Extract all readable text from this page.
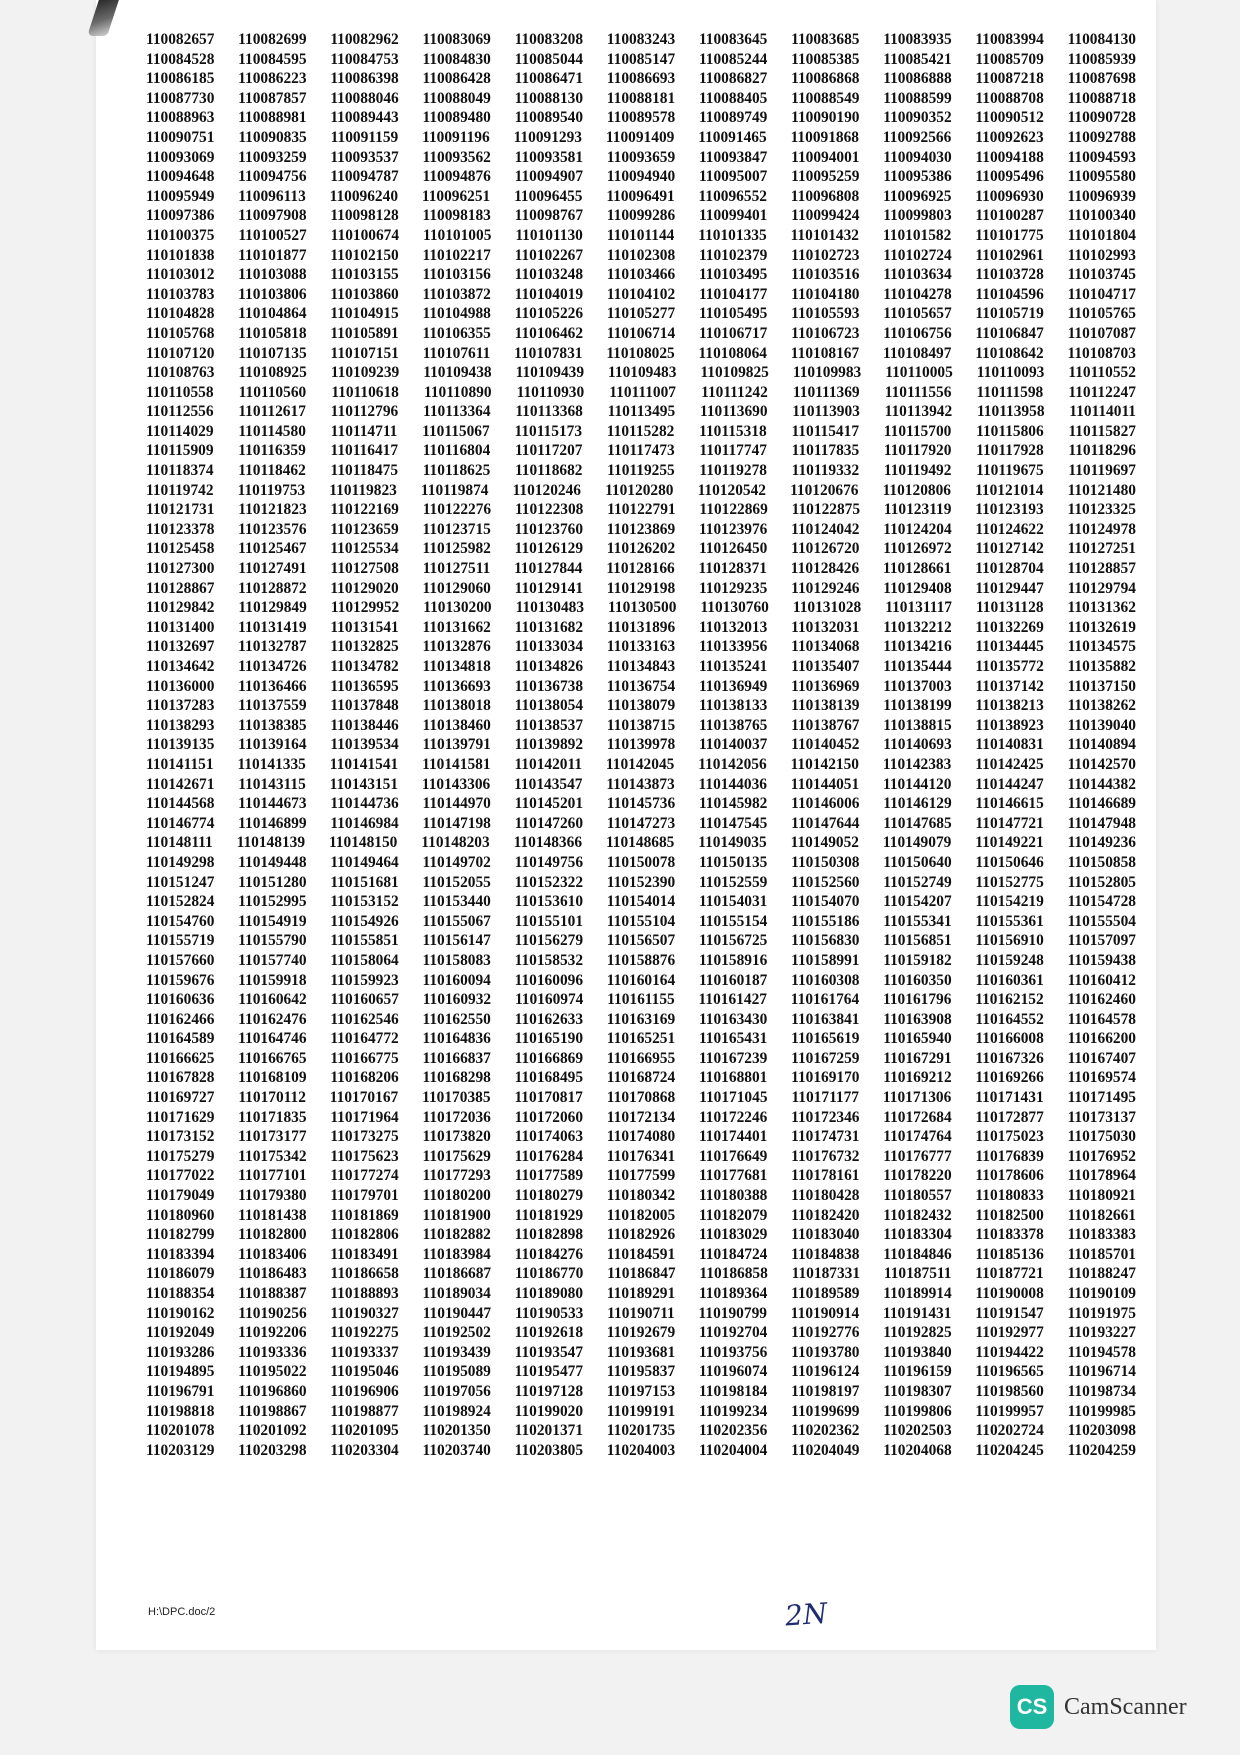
110082657 110082699 110082962 110083069 110083208 110083243 110083645 110083685 110083935 110083994 110084130
110084528 110084595 110084753 110084830 110085044 110085147 110085244 110085385 110085421 110085709 110085939
110086185 110086223 110086398 110086428 110086471 110086693 110086827 110086868 110086888 110087218 110087698
110087730 110087857 110088046 110088049 110088130 110088181 110088405 110088549 110088599 110088708 110088718
110088963 110088981 110089443 110089480 110089540 110089578 110089749 110090190 110090352 110090512 110090728
110090751 110090835 110091159 110091196 110091293 110091409 110091465 110091868 110092566 110092623 110092788
110093069 110093259 110093537 110093562 110093581 110093659 110093847 110094001 110094030 110094188 110094593
110094648 110094756 110094787 110094876 110094907 110094940 110095007 110095259 110095386 110095496 110095580
110095949 110096113 110096240 110096251 110096455 110096491 110096552 110096808 110096925 110096930 110096939
110097386 110097908 110098128 110098183 110098767 110099286 110099401 110099424 110099803 110100287 110100340
110100375 110100527 110100674 110101005 110101130 110101144 110101335 110101432 110101582 110101775 110101804
110101838 110101877 110102150 110102217 110102267 110102308 110102379 110102723 110102724 110102961 110102993
110103012 110103088 110103155 110103156 110103248 110103466 110103495 110103516 110103634 110103728 110103745
110103783 110103806 110103860 110103872 110104019 110104102 110104177 110104180 110104278 110104596 110104717
110104828 110104864 110104915 110104988 110105226 110105277 110105495 110105593 110105657 110105719 110105765
110105768 110105818 110105891 110106355 110106462 110106714 110106717 110106723 110106756 110106847 110107087
110107120 110107135 110107151 110107611 110107831 110108025 110108064 110108167 110108497 110108642 110108703
110108763 110108925 110109239 110109438 110109439 110109483 110109825 110109983 110110005 110110093 110110552
110110558 110110560 110110618 110110890 110110930 110111007 110111242 110111369 110111556 110111598 110112247
110112556 110112617 110112796 110113364 110113368 110113495 110113690 110113903 110113942 110113958 110114011
110114029 110114580 110114711 110115067 110115173 110115282 110115318 110115417 110115700 110115806 110115827
110115909 110116359 110116417 110116804 110117207 110117473 110117747 110117835 110117920 110117928 110118296
110118374 110118462 110118475 110118625 110118682 110119255 110119278 110119332 110119492 110119675 110119697
110119742 110119753 110119823 110119874 110120246 110120280 110120542 110120676 110120806 110121014 110121480
110121731 110121823 110122169 110122276 110122308 110122791 110122869 110122875 110123119 110123193 110123325
110123378 110123576 110123659 110123715 110123760 110123869 110123976 110124042 110124204 110124622 110124978
110125458 110125467 110125534 110125982 110126129 110126202 110126450 110126720 110126972 110127142 110127251
110127300 110127491 110127508 110127511 110127844 110128166 110128371 110128426 110128661 110128704 110128857
110128867 110128872 110129020 110129060 110129141 110129198 110129235 110129246 110129408 110129447 110129794
110129842 110129849 110129952 110130200 110130483 110130500 110130760 110131028 110131117 110131128 110131362
110131400 110131419 110131541 110131662 110131682 110131896 110132013 110132031 110132212 110132269 110132619
110132697 110132787 110132825 110132876 110133034 110133163 110133956 110134068 110134216 110134445 110134575
110134642 110134726 110134782 110134818 110134826 110134843 110135241 110135407 110135444 110135772 110135882
110136000 110136466 110136595 110136693 110136738 110136754 110136949 110136969 110137003 110137142 110137150
110137283 110137559 110137848 110138018 110138054 110138079 110138133 110138139 110138199 110138213 110138262
110138293 110138385 110138446 110138460 110138537 110138715 110138765 110138767 110138815 110138923 110139040
110139135 110139164 110139534 110139791 110139892 110139978 110140037 110140452 110140693 110140831 110140894
110141151 110141335 110141541 110141581 110142011 110142045 110142056 110142150 110142383 110142425 110142570
110142671 110143115 110143151 110143306 110143547 110143873 110144036 110144051 110144120 110144247 110144382
110144568 110144673 110144736 110144970 110145201 110145736 110145982 110146006 110146129 110146615 110146689
110146774 110146899 110146984 110147198 110147260 110147273 110147545 110147644 110147685 110147721 110147948
110148111 110148139 110148150 110148203 110148366 110148685 110149035 110149052 110149079 110149221 110149236
110149298 110149448 110149464 110149702 110149756 110150078 110150135 110150308 110150640 110150646 110150858
110151247 110151280 110151681 110152055 110152322 110152390 110152559 110152560 110152749 110152775 110152805
110152824 110152995 110153152 110153440 110153610 110154014 110154031 110154070 110154207 110154219 110154728
110154760 110154919 110154926 110155067 110155101 110155104 110155154 110155186 110155341 110155361 110155504
110155719 110155790 110155851 110156147 110156279 110156507 110156725 110156830 110156851 110156910 110157097
110157660 110157740 110158064 110158083 110158532 110158876 110158916 110158991 110159182 110159248 110159438
110159676 110159918 110159923 110160094 110160096 110160164 110160187 110160308 110160350 110160361 110160412
110160636 110160642 110160657 110160932 110160974 110161155 110161427 110161764 110161796 110162152 110162460
110162466 110162476 110162546 110162550 110162633 110163169 110163430 110163841 110163908 110164552 110164578
110164589 110164746 110164772 110164836 110165190 110165251 110165431 110165619 110165940 110166008 110166200
110166625 110166765 110166775 110166837 110166869 110166955 110167239 110167259 110167291 110167326 110167407
110167828 110168109 110168206 110168298 110168495 110168724 110168801 110169170 110169212 110169266 110169574
110169727 110170112 110170167 110170385 110170817 110170868 110171045 110171177 110171306 110171431 110171495
110171629 110171835 110171964 110172036 110172060 110172134 110172246 110172346 110172684 110172877 110173137
110173152 110173177 110173275 110173820 110174063 110174080 110174401 110174731 110174764 110175023 110175030
110175279 110175342 110175623 110175629 110176284 110176341 110176649 110176732 110176777 110176839 110176952
110177022 110177101 110177274 110177293 110177589 110177599 110177681 110178161 110178220 110178606 110178964
110179049 110179380 110179701 110180200 110180279 110180342 110180388 110180428 110180557 110180833 110180921
110180960 110181438 110181869 110181900 110181929 110182005 110182079 110182420 110182432 110182500 110182661
110182799 110182800 110182806 110182882 110182898 110182926 110183029 110183040 110183304 110183378 110183383
110183394 110183406 110183491 110183984 110184276 110184591 110184724 110184838 110184846 110185136 110185701
110186079 110186483 110186658 110186687 110186770 110186847 110186858 110187331 110187511 110187721 110188247
110188354 110188387 110188893 110189034 110189080 110189291 110189364 110189589 110189914 110190008 110190109
110190162 110190256 110190327 110190447 110190533 110190711 110190799 110190914 110191431 110191547 110191975
110192049 110192206 110192275 110192502 110192618 110192679 110192704 110192776 110192825 110192977 110193227
110193286 110193336 110193337 110193439 110193547 110193681 110193756 110193780 110193840 110194422 110194578
110194895 110195022 110195046 110195089 110195477 110195837 110196074 110196124 110196159 110196565 110196714
110196791 110196860 110196906 110197056 110197128 110197153 110198184 110198197 110198307 110198560 110198734
110198818 110198867 110198877 110198924 110199020 110199191 110199234 110199699 110199806 110199957 110199985
110201078 110201092 110201095 110201350 110201371 110201735 110202356 110202362 110202503 110202724 110203098
110203129 110203298 110203304 110203740 110203805 110204003 110204004 110204049 110204068 110204245 110204259
H:\DPC.doc/2	2N
CS CamScanner
